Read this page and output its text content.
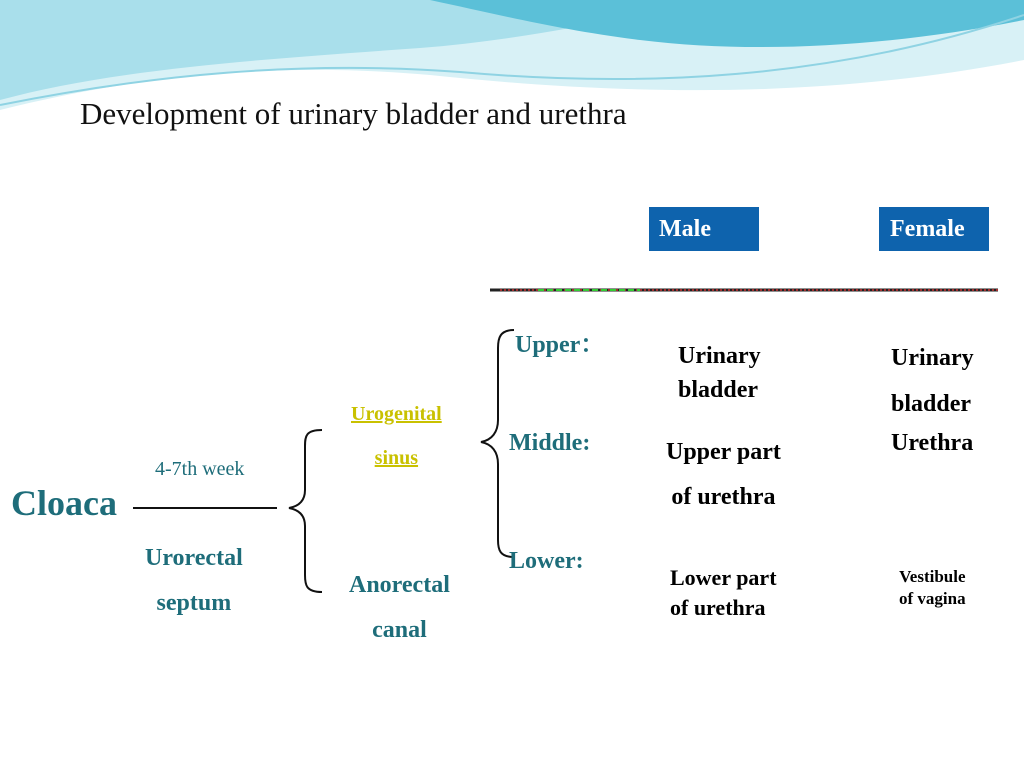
Development of urinary bladder and urethra
Male	Female
Cloaca
4-7th week
Urorectal
septum
Urogenital
sinus
Anorectal
canal
Upper：
Middle:
Lower:
Urinary
bladder
Upper part
of urethra
Lower part
of urethra
Urinary
bladder
Urethra
Vestibule
of vagina
